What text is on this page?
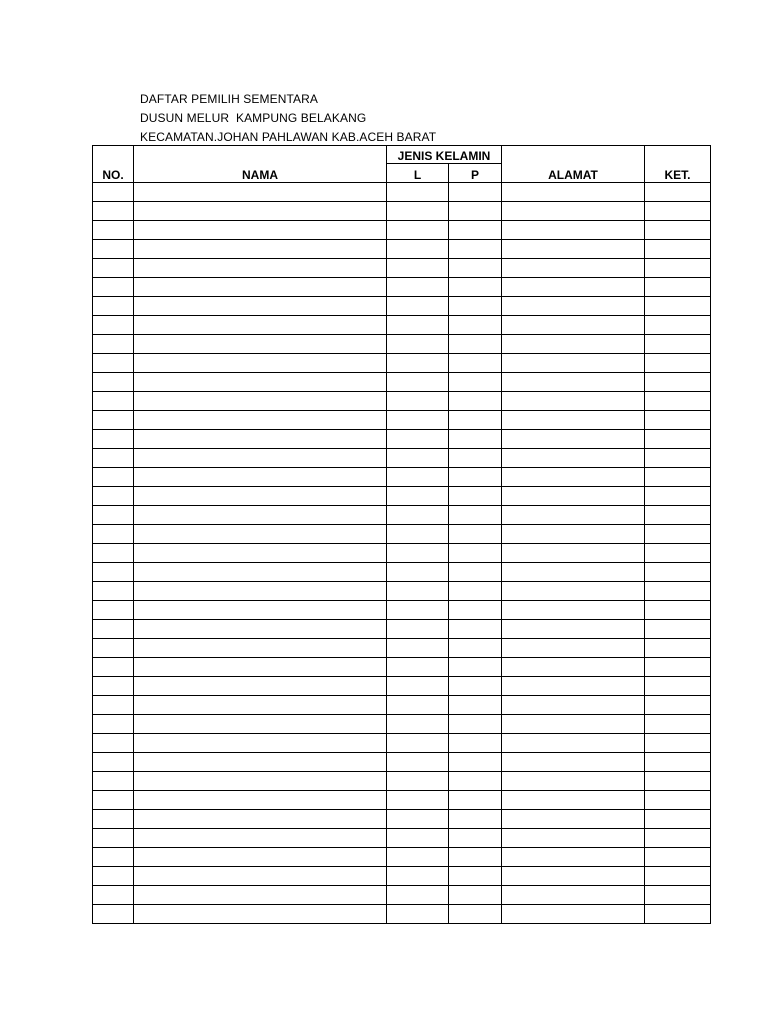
DAFTAR PEMILIH SEMENTARA
DUSUN MELUR  KAMPUNG BELAKANG
KECAMATAN.JOHAN PAHLAWAN KAB.ACEH BARAT
NO.	NAMA	JENIS KELAMIN		ALAMAT	KET.
		L	P		
